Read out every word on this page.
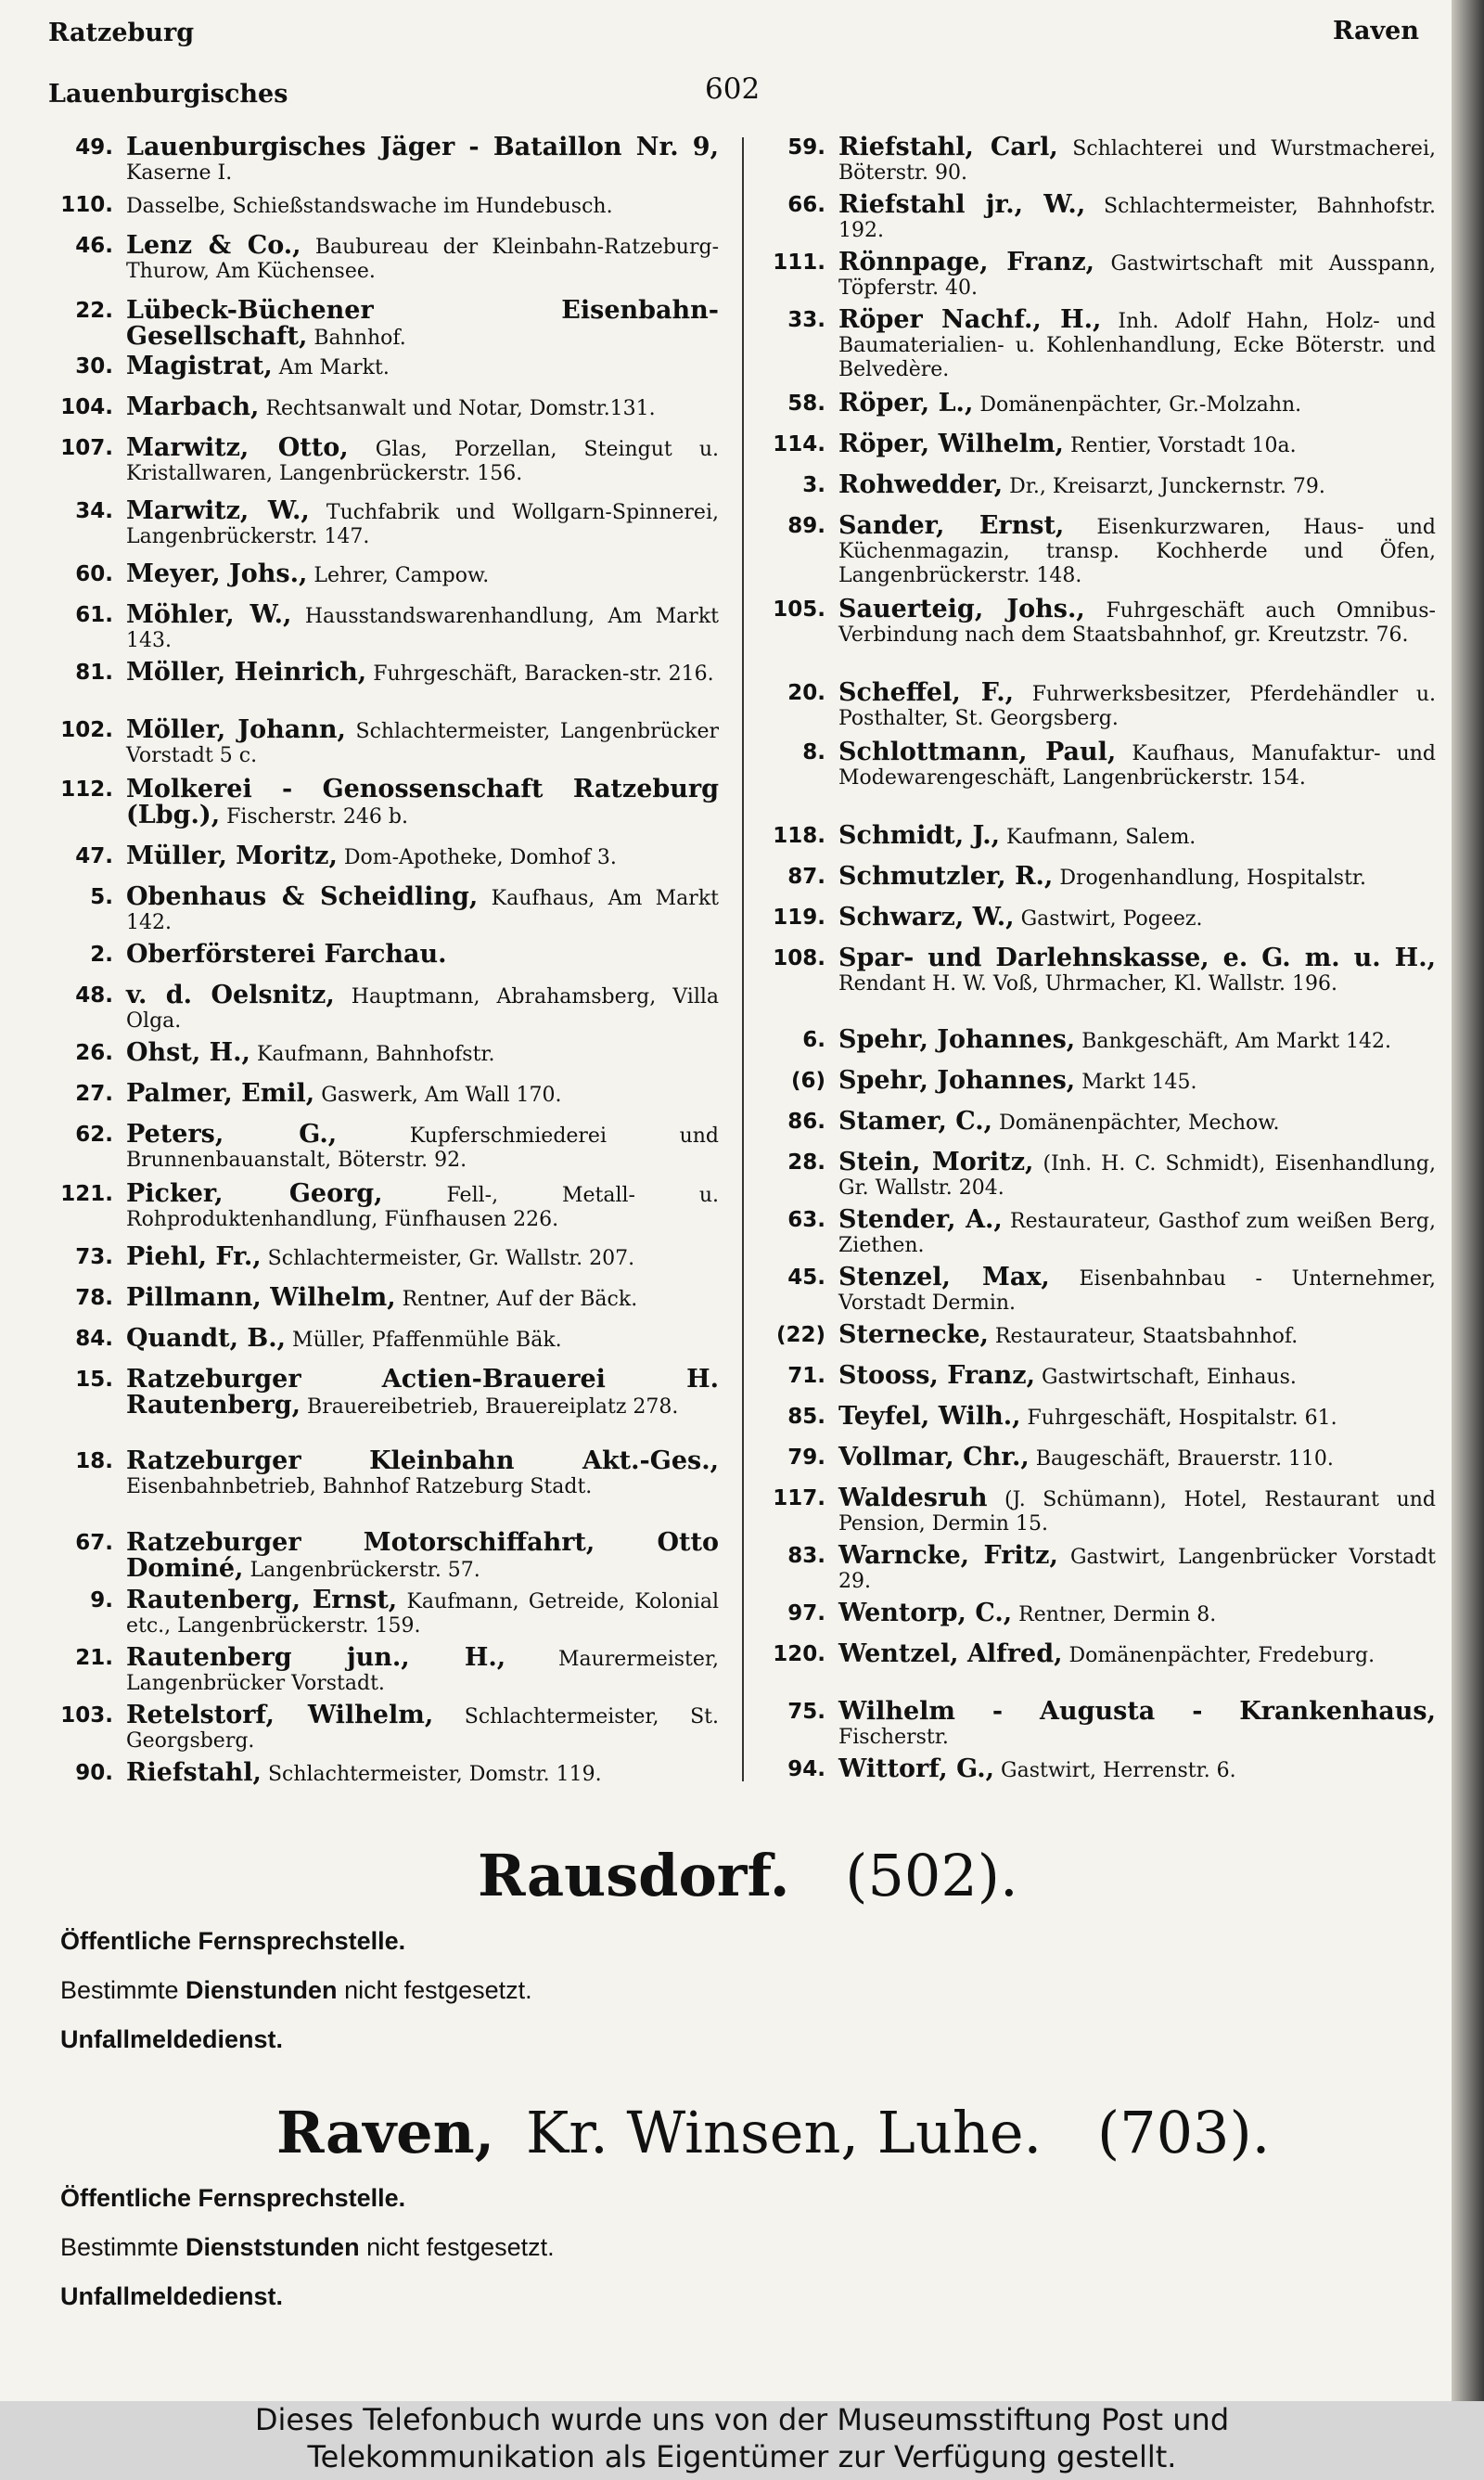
Ratzeburg
Lauenburgisches	602
Raven
49. Lauenburgisches Jäger - Bataillon Nr. 9, Kaserne I.
110. Dasselbe, Schießstandswache im Hundebusch.
46. Lenz & Co., Baubureau der Kleinbahn-Ratzeburg-Thurow, Am Küchensee.
22. Lübeck-Büchener Eisenbahn-Gesellschaft, Bahnhof.
30. Magistrat, Am Markt.
104. Marbach, Rechtsanwalt und Notar, Domstr.131.
107. Marwitz, Otto, Glas, Porzellan, Steingut u. Kristallwaren, Langenbrückerstr. 156.
34. Marwitz, W., Tuchfabrik und Wollgarn-Spinnerei, Langenbrückerstr. 147.
60. Meyer, Johs., Lehrer, Campow.
61. Möhler, W., Hausstandswarenhandlung, Am Markt 143.
81. Möller, Heinrich, Fuhrgeschäft, Baracken-str. 216.
102. Möller, Johann, Schlachtermeister, Langenbrücker Vorstadt 5 c.
112. Molkerei - Genossenschaft Ratzeburg (Lbg.), Fischerstr. 246 b.
47. Müller, Moritz, Dom-Apotheke, Domhof 3.
5. Obenhaus & Scheidling, Kaufhaus, Am Markt 142.
2. Oberförsterei Farchau.
48. v. d. Oelsnitz, Hauptmann, Abrahamsberg, Villa Olga.
26. Ohst, H., Kaufmann, Bahnhofstr.
27. Palmer, Emil, Gaswerk, Am Wall 170.
62. Peters, G.,	Kupferschmiederei und Brunnenbauanstalt, Böterstr. 92.
121. Picker, Georg,	Fell-, Metall- u. Rohproduktenhandlung, Fünfhausen 226.
73. Piehl, Fr., Schlachtermeister, Gr. Wallstr. 207.
78. Pillmann, Wilhelm, Rentner, Auf der Bäck.
84. Quandt, B., Müller, Pfaffenmühle Bäk.
15. Ratzeburger Actien-Brauerei H. Rautenberg, Brauereibetrieb, Brauereiplatz 278.
18. Ratzeburger Kleinbahn Akt.-Ges., Eisenbahnbetrieb, Bahnhof Ratzeburg Stadt.
67. Ratzeburger Motorschiffahrt, Otto Dominé, Langenbrückerstr. 57.
9. Rautenberg, Ernst, Kaufmann, Getreide, Kolonial etc., Langenbrückerstr. 159.
21. Rautenberg jun., H.,	Maurermeister, Langenbrücker Vorstadt.
103. Retelstorf, Wilhelm, Schlachtermeister, St. Georgsberg.
90. Riefstahl, Schlachtermeister, Domstr. 119.
59. Riefstahl, Carl, Schlachterei und Wurstmacherei, Böterstr. 90.
66. Riefstahl jr., W., Schlachtermeister, Bahnhofstr. 192.
111. Rönnpage, Franz, Gastwirtschaft mit Ausspann, Töpferstr. 40.
33. Röper Nachf., H., Inh. Adolf Hahn, Holz- und Baumaterialien- u. Kohlenhandlung, Ecke Böterstr. und Belvedère.
58. Röper, L., Domänenpächter, Gr.-Molzahn.
114. Röper, Wilhelm, Rentier, Vorstadt 10a.
3. Rohwedder, Dr., Kreisarzt, Junckernstr. 79.
89. Sander, Ernst, Eisenkurzwaren, Haus- und Küchenmagazin, transp. Kochherde und Öfen, Langenbrückerstr. 148.
105. Sauerteig, Johs., Fuhrgeschäft auch Omnibus-Verbindung nach dem Staatsbahnhof, gr. Kreutzstr. 76.
20. Scheffel, F., Fuhrwerksbesitzer, Pferdehändler u. Posthalter, St. Georgsberg.
8. Schlottmann, Paul, Kaufhaus, Manufaktur- und Modewarengeschäft, Langenbrückerstr. 154.
118. Schmidt, J., Kaufmann, Salem.
87. Schmutzler, R., Drogenhandlung, Hospitalstr.
119. Schwarz, W., Gastwirt, Pogeez.
108. Spar- und Darlehnskasse, e. G. m. u. H., Rendant H. W. Voß, Uhrmacher, Kl. Wallstr. 196.
6. Spehr, Johannes, Bankgeschäft, Am Markt 142.
(6) Spehr, Johannes, Markt 145.
86. Stamer, C., Domänenpächter, Mechow.
28. Stein, Moritz, (Inh. H. C. Schmidt), Eisenhandlung, Gr. Wallstr. 204.
63. Stender, A., Restaurateur, Gasthof zum weißen Berg, Ziethen.
45. Stenzel, Max, Eisenbahnbau - Unternehmer, Vorstadt Dermin.
(22) Sternecke, Restaurateur, Staatsbahnhof.
71. Stooss, Franz, Gastwirtschaft, Einhaus.
85. Teyfel, Wilh., Fuhrgeschäft, Hospitalstr. 61.
79. Vollmar, Chr., Baugeschäft, Brauerstr. 110.
117. Waldesruh (J. Schümann), Hotel, Restaurant und Pension, Dermin 15.
83. Warncke, Fritz, Gastwirt, Langenbrücker Vorstadt 29.
97. Wentorp, C., Rentner, Dermin 8.
120. Wentzel, Alfred, Domänenpächter, Fredeburg.
75. Wilhelm - Augusta - Krankenhaus, Fischerstr.
94. Wittorf, G., Gastwirt, Herrenstr. 6.
Rausdorf. (502).
Öffentliche Fernsprechstelle.
Bestimmte Dienstunden nicht festgesetzt.
Unfallmeldedienst.
Raven, Kr. Winsen, Luhe. (703).
Öffentliche Fernsprechstelle.
Bestimmte Dienststunden nicht festgesetzt.
Unfallmeldedienst.
Dieses Telefonbuch wurde uns von der Museumsstiftung Post und
Telekommunikation als Eigentümer zur Verfügung gestellt.
